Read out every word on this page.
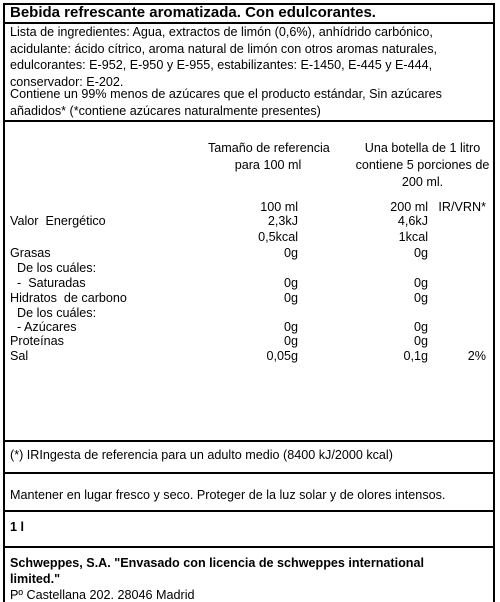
Bebida refrescante aromatizada. Con edulcorantes.
Lista de ingredientes: Agua, extractos de limón (0,6%), anhídrido carbónico, acidulante: ácido cítrico, aroma natural de limón con otros aromas naturales, edulcorantes: E-952, E-950 y E-955, estabilizantes: E-1450, E-445 y E-444, conservador: E-202.
Contiene un 99% menos de azúcares que el producto estándar, Sin azúcares añadidos* (*contiene azúcares naturalmente presentes)
Tamaño de referencia
para 100 ml
Una botella de 1 litro
contiene 5 porciones de
200 ml.
100 ml	200 ml IR/VRN*
Valor  Energético	2,3kJ	4,6kJ
0,5kcal	1kcal
Grasas	0g	0g
De los cuáles:
-  Saturadas	0g	0g
Hidratos  de carbono	0g	0g
De los cuáles:
- Azúcares	0g	0g
Proteínas	0g	0g
Sal	0,05g	0,1g	2%
(*) IRIngesta de referencia para un adulto medio (8400 kJ/2000 kcal)
Mantener en lugar fresco y seco. Proteger de la luz solar y de olores intensos.
1 l
Schweppes, S.A. "Envasado con licencia de schweppes international
limited."
Pº Castellana 202. 28046 Madrid
